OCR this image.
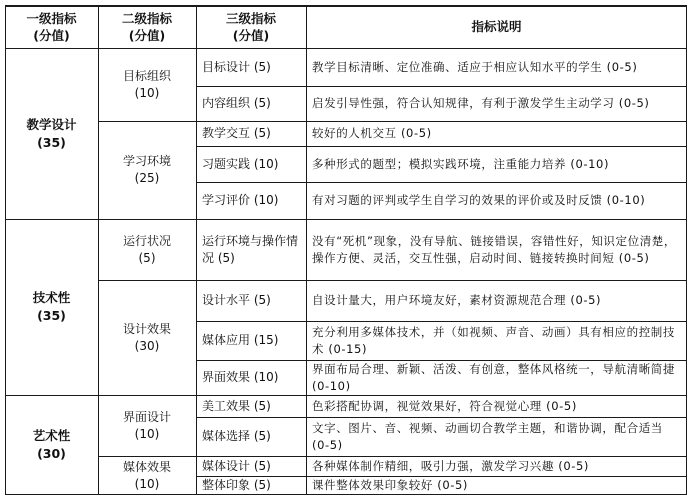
一级指标
(分值)
二级指标
(分值)
三级指标
(分值)
指标说明
教学设计
(35)
技术性
(35)
艺术性
(30)
目标组织
(10)
学习环境
(25)
运行状况
(5)
设计效果
(30)
界面设计
(10)
媒体效果
(10)
目标设计 (5)
内容组织 (5)
教学交互 (5)
习题实践 (10)
学习评价 (10)
运行环境与操作情况 (5)
设计水平 (5)
媒体应用 (15)
界面效果 (10)
美工效果 (5)
媒体选择 (5)
媒体设计 (5)
整体印象 (5)
教学目标清晰、定位准确、适应于相应认知水平的学生 (0-5)
启发引导性强，符合认知规律，有利于激发学生主动学习 (0-5)
较好的人机交互 (0-5)
多种形式的题型；模拟实践环境，注重能力培养 (0-10)
有对习题的评判或学生自学习的效果的评价或及时反馈 (0-10)
没有“死机”现象，没有导航、链接错误，容错性好，知识定位清楚，操作方便、灵活，交互性强，启动时间、链接转换时间短 (0-5)
自设计量大，用户环境友好，素材资源规范合理 (0-5)
充分利用多媒体技术，并（如视频、声音、动画）具有相应的控制技术 (0-15)
界面布局合理、新颖、活泼、有创意，整体风格统一，导航清晰简捷 (0-10)
色彩搭配协调，视觉效果好，符合视觉心理 (0-5)
文字、图片、音、视频、动画切合教学主题，和谐协调，配合适当 (0-5)
各种媒体制作精细，吸引力强，激发学习兴趣 (0-5)
课件整体效果印象较好 (0-5)
